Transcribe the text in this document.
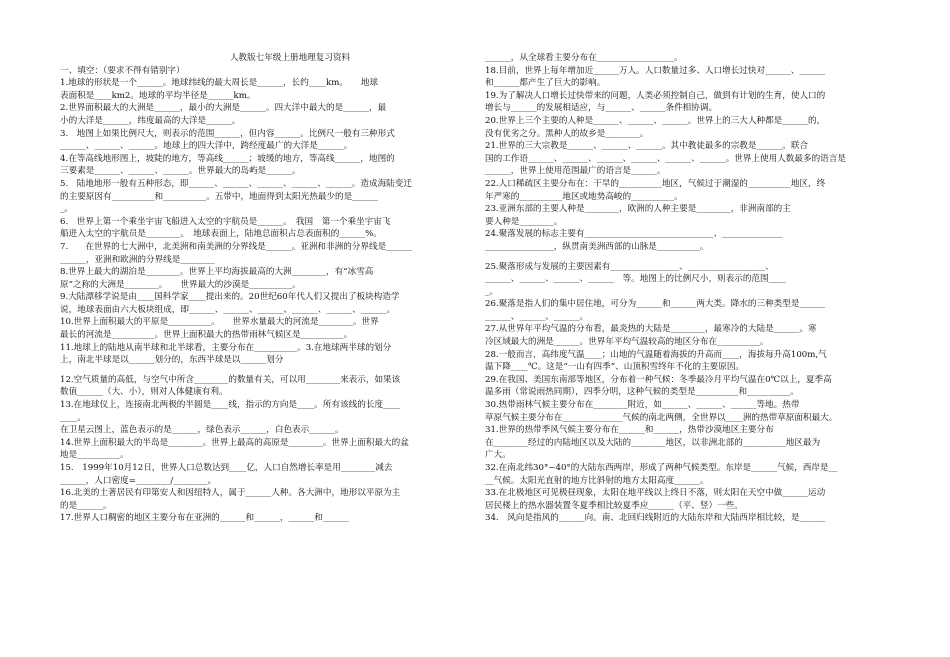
人教版七年级上册地理复习资料
一、填空：（要求不得有错别字）
1.地球的形状是一个______。地球纬线的最大周长是______，长约____km。　　地球
表面积是____km2。地球的平均半径是______km。
2.世界面积最大的大洲是______，最小的大洲是______。四大洋中最大的是______，最
小的大洋是______，纬度最高的大洋是______。
3.　地图上如果比例尺大，则表示的范围______，但内容______。比例尺一般有三种形式
______、______、______。地球上的四大洋中，跨经度最广的大洋是______。
4.在等高线地形图上，坡陡的地方，等高线______；坡缓的地方，等高线______，地图的
三要素是______、______、______。世界最大的岛屿是______。
5.　陆地地形一般有五种形态，即______、______、______、______、______。造成海陆变迁
的主要原因有__________和__________。五带中，地面得到太阳光热最少的是______
_。
6.　世界上第一个乘坐宇宙飞船进入太空的宇航员是______。　我国　第一个乘坐宇宙飞
船进入太空的宇航员是________。　地球表面上，陆地总面积占总表面积的______%。
7.　　在世界的七大洲中，北美洲和南美洲的分界线是______。亚洲和非洲的分界线是______
______，亚洲和欧洲的分界线是________
8.世界上最大的湖泊是________。世界上平均海拔最高的大洲________，有“冰雪高
原”之称的大洲是________。　　世界最大的沙漠是__________。
9.大陆漂移学说是由____国科学家____提出来的。20世纪60年代人们又提出了板块构造学
说，地球表面由六大板块组成，即______、______、______、______、______、______。
10.世界上面积最大的平原是__________。　　世界水量最大的河流是________。世界
最长的河流是__________。世界上面积最大的热带雨林气候区是__________。
11.地球上的陆地从南半球和北半球看，主要分布在__________。3.在地球两半球的划分
上，南北半球是以______划分的，东西半球是以______划分
12.空气质量的高低，与空气中所含________的数量有关，可以用________来表示，如果该
数值______（大、小），则对人体健康有利。
13.在地球仪上，连接南北两极的半圆是____线，指示的方向是____。所有该线的长度____
____。
在卫星云图上，蓝色表示的是______，绿色表示______，白色表示______。
14.世界上面积最大的半岛是________。世界上最高的高原是________。世界上面积最大的盆
地是__________。
15.　1999年10月12日，世界人口总数达到____亿，人口自然增长率是用________减去
______，人口密度=________/________。
16.北美的土著居民有印第安人和因纽特人，属于______人种。各大洲中，地形以平原为主
的是______。
17.世界人口稠密的地区主要分布在亚洲的______和______，______和______
______，从全球看主要分布在__________________。
18.目前，世界上每年增加近______万人。人口数量过多、人口增长过快对______、______
和______都产生了巨大的影响。
19.为了解决人口增长过快带来的问题，人类必须控制自己，做到有计划的生育，使人口的
增长与______的发展相适应，与______、______条件相协调。
20.世界上三个主要的人种是______、______、______。世界上的三大人种都是______的，
没有优劣之分。黑种人的故乡是________。
21.世界的三大宗教是______、______、______。其中教徒最多的宗教是______。联合
国的工作语______、______、______、______、______、______。世界上使用人数最多的语言是
______，世界上使用范围最广的语言是______。
22.人口稀疏区主要分布在：干旱的__________地区，气候过于潮湿的__________地区，终
年严寒的__________地区或地势高峻的__________。
23.亚洲东部的主要人种是________，欧洲的人种主要是________，非洲南部的主
要人种是________。
24.聚落发展的标志主要有______________________________、______________
________________，纵贯南美洲西部的山脉是__________。
25.聚落形成与发展的主要因素有________________、__________________、
______、______、______、______　等。地图上的比例尺小，则表示的范围____
_。
26.聚落是指人们的集中居住地，可分为______和______两大类。降水的三种类型是______
______、______、______。
27.从世界年平均气温的分布看，最炎热的大陆是________，最寒冷的大陆是______。寒
冷区域最大的洲是______。世界年平均气温较高的地区分布在__________。
28.一般而言，高纬度气温____；山地的气温随着海拔的升高而____，海拔每升高100m,气
温下降____℃。这是“一山有四季”、山顶积雪终年不化的主要原因。
29.在我国、美国东南部等地区，分布着一种气候：冬季最冷月平均气温在0℃以上，夏季高
温多雨（常说雨热同期），四季分明，这种气候的类型是__________和__________。
30.热带雨林气候主要分布在________附近，如______、______、______等地。热带
草原气候主要分布在______________气候的南北两侧，全世界以____洲的热带草原面积最大。
31.世界的热带季风气候主要分布在______和______，热带沙漠地区主要分布
在________经过的内陆地区以及大陆的________地区，以非洲北部的__________地区最为
广大。
32.在南北纬30°~40°的大陆东西两岸，形成了两种气候类型。东岸是______气候，西岸是__
__气候。太阳光直射的地方比斜射的地方太阳高度______。
33.在北极地区可见极昼现象，太阳在地平线以上终日不落，则太阳在天空中做______运动
居民楼上的热水器装置冬夏季相比较夏季应______（平、竖）一些。
34.　风向是指风的______向。南、北回归线附近的大陆东岸和大陆西岸相比较，是______
